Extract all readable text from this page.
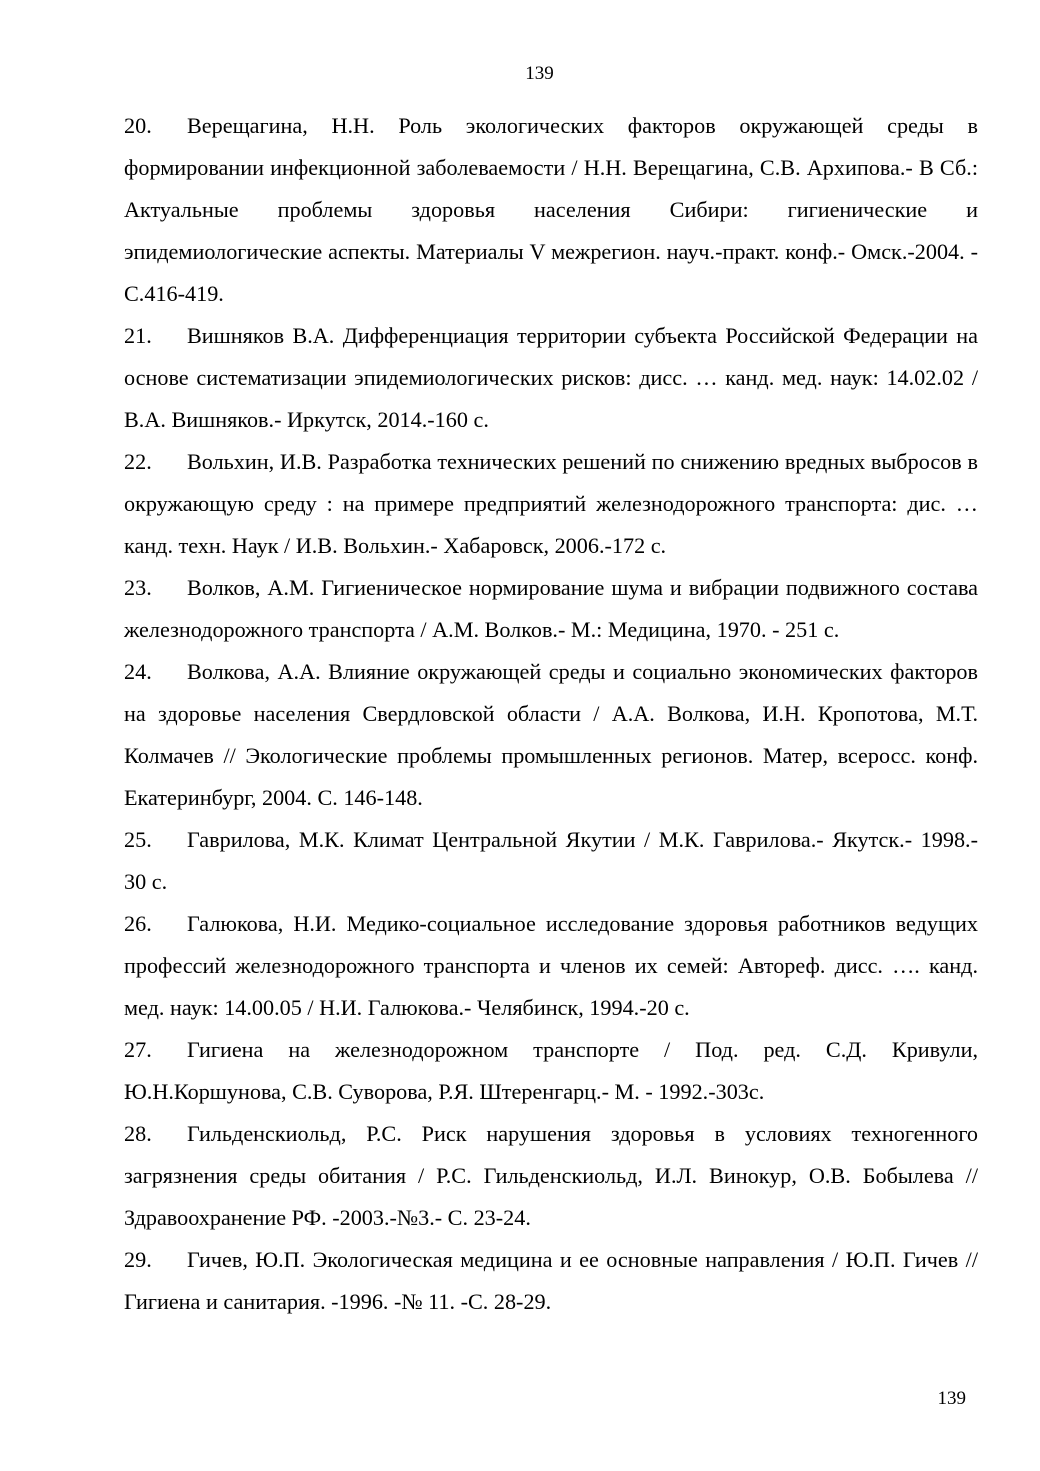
139

20. Верещагина, Н.Н. Роль экологических факторов окружающей среды в формировании инфекционной заболеваемости / Н.Н. Верещагина, С.В. Архипова.- В Сб.: Актуальные проблемы здоровья населения Сибири: гигиенические и эпидемиологические аспекты. Материалы V межрегион. науч.-практ. конф.- Омск.-2004. - С.416-419.

21. Вишняков В.А. Дифференциация территории субъекта Российской Федерации на основе систематизации эпидемиологических рисков: дисс. … канд. мед. наук: 14.02.02 / В.А. Вишняков.- Иркутск, 2014.-160 с.

22. Вольхин, И.В. Разработка технических решений по снижению вредных выбросов в окружающую среду : на примере предприятий железнодорожного транспорта: дис. … канд. техн. Наук / И.В. Вольхин.- Хабаровск, 2006.-172 с.

23. Волков, А.М. Гигиеническое нормирование шума и вибрации подвижного состава железнодорожного транспорта / А.М. Волков.- М.: Медицина, 1970. - 251 с.

24. Волкова, А.А. Влияние окружающей среды и социально экономических факторов на здоровье населения Свердловской области / А.А. Волкова, И.Н. Кропотова, М.Т. Колмачев // Экологические проблемы промышленных регионов. Матер, всеросс. конф. Екатеринбург, 2004. С. 146-148.

25. Гаврилова, М.К. Климат Центральной Якутии / М.К. Гаврилова.- Якутск.- 1998.- 30 с.

26. Галюкова, Н.И. Медико-социальное исследование здоровья работников ведущих профессий железнодорожного транспорта и членов их семей: Автореф. дисс. …. канд. мед. наук: 14.00.05 / Н.И. Галюкова.- Челябинск, 1994.-20 с.

27. Гигиена на железнодорожном транспорте / Под. ред. С.Д. Кривули, Ю.Н.Коршунова, С.В. Суворова, Р.Я. Штеренгарц.- М. - 1992.-303с.

28. Гильденскиольд, Р.С. Риск нарушения здоровья в условиях техногенного загрязнения среды обитания / Р.С. Гильденскиольд, И.Л. Винокур, О.В. Бобылева // Здравоохранение РФ. -2003.-№3.- С. 23-24.

29. Гичев, Ю.П. Экологическая медицина и ее основные направления / Ю.П. Гичев // Гигиена и санитария. -1996. -№ 11. -С. 28-29.

139
